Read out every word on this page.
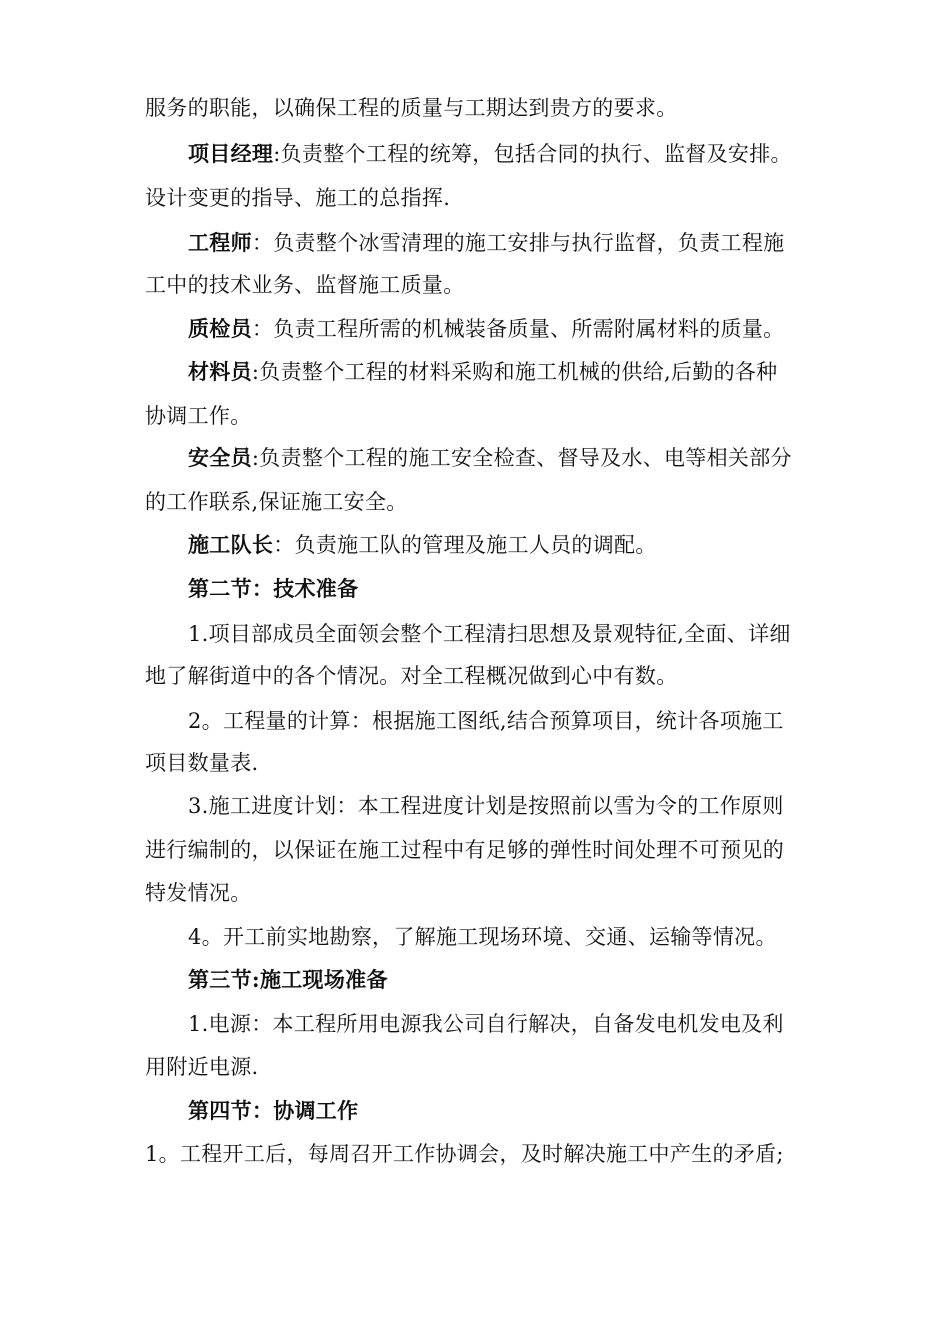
服务的职能，以确保工程的质量与工期达到贵方的要求。
项目经理:负责整个工程的统筹，包括合同的执行、监督及安排。
设计变更的指导、施工的总指挥.
工程师：负责整个冰雪清理的施工安排与执行监督，负责工程施
工中的技术业务、监督施工质量。
质检员：负责工程所需的机械装备质量、所需附属材料的质量。
材料员:负责整个工程的材料采购和施工机械的供给,后勤的各种
协调工作。
安全员:负责整个工程的施工安全检查、督导及水、电等相关部分
的工作联系,保证施工安全。
施工队长：负责施工队的管理及施工人员的调配。
第二节：技术准备
1.项目部成员全面领会整个工程清扫思想及景观特征,全面、详细
地了解街道中的各个情况。对全工程概况做到心中有数。
2。工程量的计算：根据施工图纸,结合预算项目，统计各项施工
项目数量表.
3.施工进度计划：本工程进度计划是按照前以雪为令的工作原则
进行编制的，以保证在施工过程中有足够的弹性时间处理不可预见的
特发情况。
4。开工前实地勘察，了解施工现场环境、交通、运输等情况。
第三节:施工现场准备
1.电源：本工程所用电源我公司自行解决，自备发电机发电及利
用附近电源.
第四节：协调工作
1。工程开工后，每周召开工作协调会，及时解决施工中产生的矛盾;
